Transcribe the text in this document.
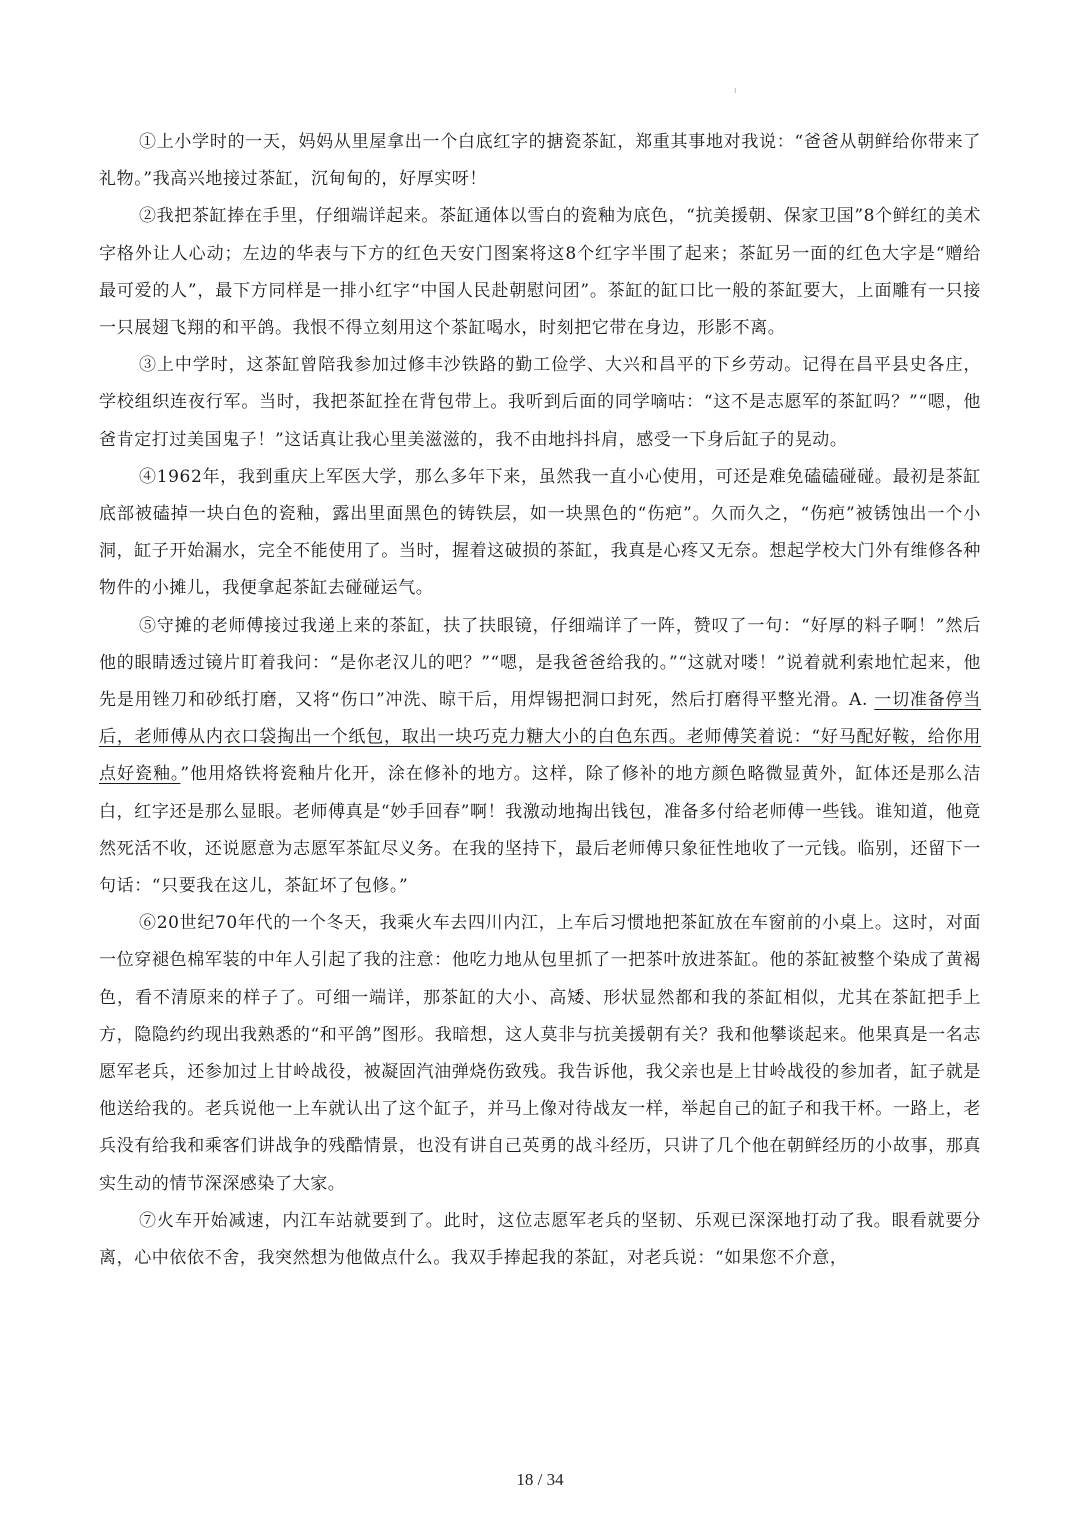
ı

①上小学时的一天，妈妈从里屋拿出一个白底红字的搪瓷茶缸，郑重其事地对我说：“爸爸从朝鲜给你带来了礼物。”我高兴地接过茶缸，沉甸甸的，好厚实呀！

②我把茶缸捧在手里，仔细端详起来。茶缸通体以雪白的瓷釉为底色，“抗美援朝、保家卫国”8个鲜红的美术字格外让人心动；左边的华表与下方的红色天安门图案将这8个红字半围了起来；茶缸另一面的红色大字是“赠给最可爱的人”，最下方同样是一排小红字“中国人民赴朝慰问团”。茶缸的缸口比一般的茶缸要大，上面雕有一只接一只展翅飞翔的和平鸽。我恨不得立刻用这个茶缸喝水，时刻把它带在身边，形影不离。

③上中学时，这茶缸曾陪我参加过修丰沙铁路的勤工俭学、大兴和昌平的下乡劳动。记得在昌平县史各庄，学校组织连夜行军。当时，我把茶缸拴在背包带上。我听到后面的同学嘀咕：“这不是志愿军的茶缸吗？”“嗯，他爸肯定打过美国鬼子！”这话真让我心里美滋滋的，我不由地抖抖肩，感受一下身后缸子的晃动。

④1962年，我到重庆上军医大学，那么多年下来，虽然我一直小心使用，可还是难免磕磕碰碰。最初是茶缸底部被磕掉一块白色的瓷釉，露出里面黑色的铸铁层，如一块黑色的“伤疤”。久而久之，“伤疤”被锈蚀出一个小洞，缸子开始漏水，完全不能使用了。当时，握着这破损的茶缸，我真是心疼又无奈。想起学校大门外有维修各种物件的小摊儿，我便拿起茶缸去碰碰运气。

⑤守摊的老师傅接过我递上来的茶缸，扶了扶眼镜，仔细端详了一阵，赞叹了一句：“好厚的料子啊！”然后他的眼睛透过镜片盯着我问：“是你老汉儿的吧？”“嗯，是我爸爸给我的。”“这就对喽！”说着就利索地忙起来，他先是用锉刀和砂纸打磨，又将“伤口”冲洗、晾干后，用焊锡把洞口封死，然后打磨得平整光滑。A. 一切准备停当后，老师傅从内衣口袋掏出一个纸包，取出一块巧克力糖大小的白色东西。老师傅笑着说：“好马配好鞍，给你用点好瓷釉。”他用烙铁将瓷釉片化开，涂在修补的地方。这样，除了修补的地方颜色略微显黄外，缸体还是那么洁白，红字还是那么显眼。老师傅真是“妙手回春”啊！我激动地掏出钱包，准备多付给老师傅一些钱。谁知道，他竟然死活不收，还说愿意为志愿军茶缸尽义务。在我的坚持下，最后老师傅只象征性地收了一元钱。临别，还留下一句话：“只要我在这儿，茶缸坏了包修。”

⑥20世纪70年代的一个冬天，我乘火车去四川内江，上车后习惯地把茶缸放在车窗前的小桌上。这时，对面一位穿褪色棉军装的中年人引起了我的注意：他吃力地从包里抓了一把茶叶放进茶缸。他的茶缸被整个染成了黄褐色，看不清原来的样子了。可细一端详，那茶缸的大小、高矮、形状显然都和我的茶缸相似，尤其在茶缸把手上方，隐隐约约现出我熟悉的“和平鸽”图形。我暗想，这人莫非与抗美援朝有关？我和他攀谈起来。他果真是一名志愿军老兵，还参加过上甘岭战役，被凝固汽油弹烧伤致残。我告诉他，我父亲也是上甘岭战役的参加者，缸子就是他送给我的。老兵说他一上车就认出了这个缸子，并马上像对待战友一样，举起自己的缸子和我干杯。一路上，老兵没有给我和乘客们讲战争的残酷情景，也没有讲自己英勇的战斗经历，只讲了几个他在朝鲜经历的小故事，那真实生动的情节深深感染了大家。

⑦火车开始减速，内江车站就要到了。此时，这位志愿军老兵的坚韧、乐观已深深地打动了我。眼看就要分离，心中依依不舍，我突然想为他做点什么。我双手捧起我的茶缸，对老兵说：“如果您不介意，

18 / 34
